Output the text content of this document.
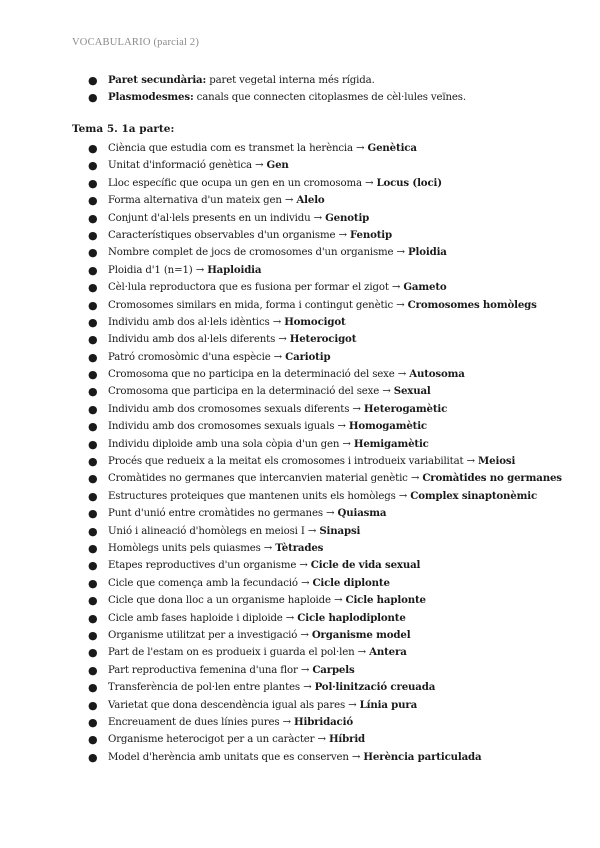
VOCABULARIO (parcial 2)
● Paret secundària: paret vegetal interna més rígida.
● Plasmodesmes: canals que connecten citoplasmes de cèl·lules veïnes.
Tema 5. 1a parte:
● Ciència que estudia com es transmet la herència → Genètica
● Unitat d'informació genètica → Gen
● Lloc específic que ocupa un gen en un cromosoma → Locus (loci)
● Forma alternativa d'un mateix gen → Alelo
● Conjunt d'al·lels presents en un individu → Genotip
● Característiques observables d'un organisme → Fenotip
● Nombre complet de jocs de cromosomes d'un organisme → Ploidia
● Ploidia d'1 (n=1) → Haploidia
● Cèl·lula reproductora que es fusiona per formar el zigot → Gameto
● Cromosomes similars en mida, forma i contingut genètic → Cromosomes homòlegs
● Individu amb dos al·lels idèntics → Homocigot
● Individu amb dos al·lels diferents → Heterocigot
● Patró cromosòmic d'una espècie → Cariotip
● Cromosoma que no participa en la determinació del sexe → Autosoma
● Cromosoma que participa en la determinació del sexe → Sexual
● Individu amb dos cromosomes sexuals diferents → Heterogamètic
● Individu amb dos cromosomes sexuals iguals → Homogamètic
● Individu diploide amb una sola còpia d'un gen → Hemigamètic
● Procés que redueix a la meitat els cromosomes i introdueix variabilitat → Meiosi
● Cromàtides no germanes que intercanvien material genètic → Cromàtides no germanes
● Estructures proteiques que mantenen units els homòlegs → Complex sinaptonèmic
● Punt d'unió entre cromàtides no germanes → Quiasma
● Unió i alineació d'homòlegs en meiosi I → Sinapsi
● Homòlegs units pels quiasmes → Tètrades
● Etapes reproductives d'un organisme → Cicle de vida sexual
● Cicle que comença amb la fecundació → Cicle diplonte
● Cicle que dona lloc a un organisme haploide → Cicle haplonte
● Cicle amb fases haploide i diploide → Cicle haplodiplonte
● Organisme utilitzat per a investigació → Organisme model
● Part de l'estam on es produeix i guarda el pol·len → Antera
● Part reproductiva femenina d'una flor → Carpels
● Transferència de pol·len entre plantes → Pol·linització creuada
● Varietat que dona descendència igual als pares → Línia pura
● Encreuament de dues línies pures → Hibridació
● Organisme heterocigot per a un caràcter → Híbrid
● Model d'herència amb unitats que es conserven → Herència particulada
